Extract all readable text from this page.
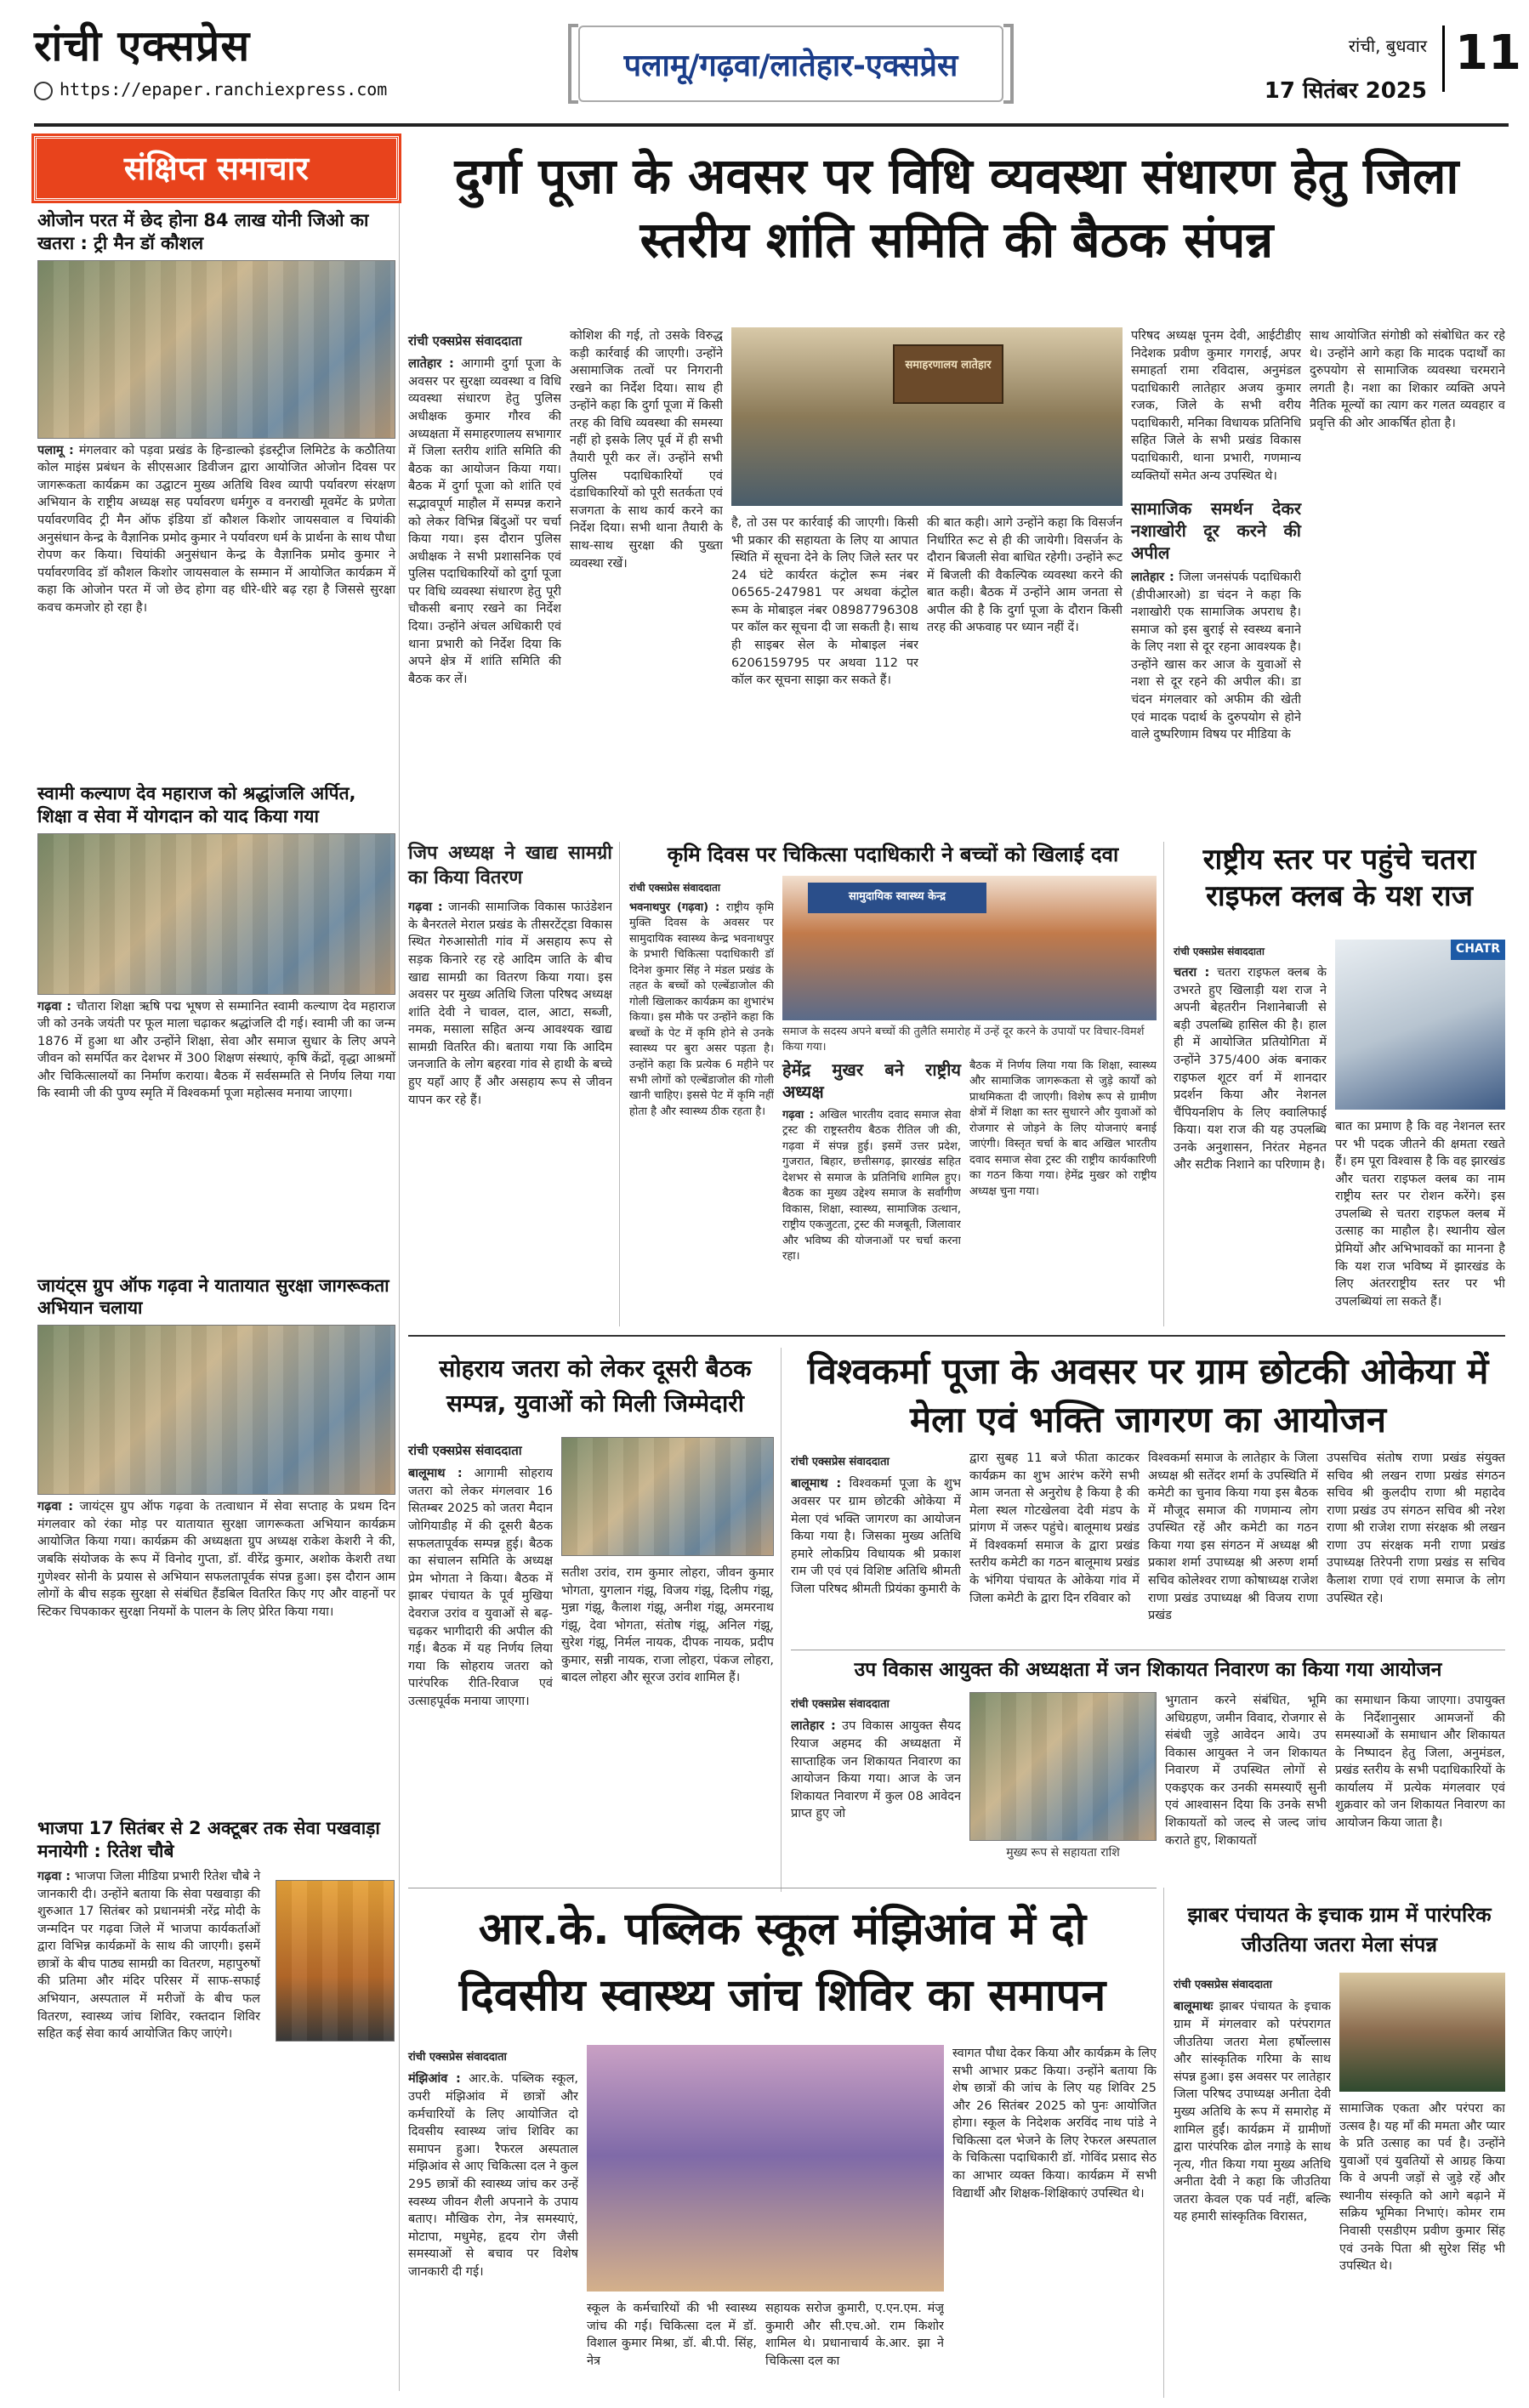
रांची एक्सप्रेस
https://epaper.ranchiexpress.com
पलामू/गढ़वा/लातेहार-एक्सप्रेस
रांची, बुधवार
17 सितंबर 2025
11
संक्षिप्त समाचार
ओजोन परत में छेद होना 84 लाख योनी जिओ का खतरा : ट्री मैन डॉ कौशल
पलामू : मंगलवार को पड़वा प्रखंड के हिन्डाल्को इंडस्ट्रीज लिमिटेड के कठौतिया कोल माइंस प्रबंधन के सीएसआर डिवीजन द्वारा आयोजित ओजोन दिवस पर जागरूकता कार्यक्रम का उद्घाटन मुख्य अतिथि विश्व व्यापी पर्यावरण संरक्षण अभियान के राष्ट्रीय अध्यक्ष सह पर्यावरण धर्मगुरु व वनराखी मूवमेंट के प्रणेता पर्यावरणविद ट्री मैन ऑफ इंडिया डॉ कौशल किशोर जायसवाल व चियांकी अनुसंधान केन्द्र के वैज्ञानिक प्रमोद कुमार ने पर्यावरण धर्म के प्रार्थना के साथ पौधा रोपण कर किया। चियांकी अनुसंधान केन्द्र के वैज्ञानिक प्रमोद कुमार ने पर्यावरणविद डॉ कौशल किशोर जायसवाल के सम्मान में आयोजित कार्यक्रम में कहा कि ओजोन परत में जो छेद होगा वह धीरे-धीरे बढ़ रहा है जिससे सुरक्षा कवच कमजोर हो रहा है।
स्वामी कल्याण देव महाराज को श्रद्धांजलि अर्पित, शिक्षा व सेवा में योगदान को याद किया गया
गढ़वा : चौतारा शिक्षा ऋषि पद्म भूषण से सम्मानित स्वामी कल्याण देव महाराज जी को उनके जयंती पर फूल माला चढ़ाकर श्रद्धांजलि दी गई। स्वामी जी का जन्म 1876 में हुआ था और उन्होंने शिक्षा, सेवा और समाज सुधार के लिए अपने जीवन को समर्पित कर देशभर में 300 शिक्षण संस्थाएं, कृषि केंद्रों, वृद्धा आश्रमों और चिकित्सालयों का निर्माण कराया। बैठक में सर्वसम्मति से निर्णय लिया गया कि स्वामी जी की पुण्य स्मृति में विश्वकर्मा पूजा महोत्सव मनाया जाएगा।
जायंट्स ग्रुप ऑफ गढ़वा ने यातायात सुरक्षा जागरूकता अभियान चलाया
गढ़वा : जायंट्स ग्रुप ऑफ गढ़वा के तत्वाधान में सेवा सप्ताह के प्रथम दिन मंगलवार को रंका मोड़ पर यातायात सुरक्षा जागरूकता अभियान कार्यक्रम आयोजित किया गया। कार्यक्रम की अध्यक्षता ग्रुप अध्यक्ष राकेश केशरी ने की, जबकि संयोजक के रूप में विनोद गुप्ता, डॉ. वीरेंद्र कुमार, अशोक केशरी तथा गुणेश्वर सोनी के प्रयास से अभियान सफलतापूर्वक संपन्न हुआ। इस दौरान आम लोगों के बीच सड़क सुरक्षा से संबंधित हैंडबिल वितरित किए गए और वाहनों पर स्टिकर चिपकाकर सुरक्षा नियमों के पालन के लिए प्रेरित किया गया।
भाजपा 17 सितंबर से 2 अक्टूबर तक सेवा पखवाड़ा मनायेगी : रितेश चौबे
गढ़वा : भाजपा जिला मीडिया प्रभारी रितेश चौबे ने जानकारी दी। उन्होंने बताया कि सेवा पखवाड़ा की शुरुआत 17 सितंबर को प्रधानमंत्री नरेंद्र मोदी के जन्मदिन पर गढ़वा जिले में भाजपा कार्यकर्ताओं द्वारा विभिन्न कार्यक्रमों के साथ की जाएगी। इसमें छात्रों के बीच पाठ्य सामग्री का वितरण, महापुरुषों की प्रतिमा और मंदिर परिसर में साफ-सफाई अभियान, अस्पताल में मरीजों के बीच फल वितरण, स्वास्थ्य जांच शिविर, रक्तदान शिविर सहित कई सेवा कार्य आयोजित किए जाएंगे।
दुर्गा पूजा के अवसर पर विधि व्यवस्था संधारण हेतु जिला स्तरीय शांति समिति की बैठक संपन्न
रांची एक्सप्रेस संवाददाता
लातेहार : आगामी दुर्गा पूजा के अवसर पर सुरक्षा व्यवस्था व विधि व्यवस्था संधारण हेतु पुलिस अधीक्षक कुमार गौरव की अध्यक्षता में समाहरणालय सभागार में जिला स्तरीय शांति समिति की बैठक का आयोजन किया गया। बैठक में दुर्गा पूजा को शांति एवं सद्भावपूर्ण माहौल में सम्पन्न कराने को लेकर विभिन्न बिंदुओं पर चर्चा किया गया। इस दौरान पुलिस अधीक्षक ने सभी प्रशासनिक एवं पुलिस पदाधिकारियों को दुर्गा पूजा पर विधि व्यवस्था संधारण हेतु पूरी चौकसी बनाए रखने का निर्देश दिया। उन्होंने अंचल अधिकारी एवं थाना प्रभारी को निर्देश दिया कि अपने क्षेत्र में शांति समिति की बैठक कर लें।
कोशिश की गई, तो उसके विरुद्ध कड़ी कार्रवाई की जाएगी। उन्होंने असामाजिक तत्वों पर निगरानी रखने का निर्देश दिया। साथ ही उन्होंने कहा कि दुर्गा पूजा में किसी तरह की विधि व्यवस्था की समस्या नहीं हो इसके लिए पूर्व में ही सभी तैयारी पूरी कर लें। उन्होंने सभी पुलिस पदाधिकारियों एवं दंडाधिकारियों को पूरी सतर्कता एवं सजगता के साथ कार्य करने का निर्देश दिया। सभी थाना तैयारी के साथ-साथ सुरक्षा की पुख्ता व्यवस्था रखें।
समाहरणालय लातेहार
है, तो उस पर कार्रवाई की जाएगी। किसी भी प्रकार की सहायता के लिए या आपात स्थिति में सूचना देने के लिए जिले स्तर पर 24 घंटे कार्यरत कंट्रोल रूम नंबर 06565-247981 पर अथवा कंट्रोल रूम के मोबाइल नंबर 08987796308 पर कॉल कर सूचना दी जा सकती है। साथ ही साइबर सेल के मोबाइल नंबर 6206159795 पर अथवा 112 पर कॉल कर सूचना साझा कर सकते हैं।
की बात कही। आगे उन्होंने कहा कि विसर्जन निर्धारित रूट से ही की जायेगी। विसर्जन के दौरान बिजली सेवा बाधित रहेगी। उन्होंने रूट में बिजली की वैकल्पिक व्यवस्था करने की बात कही। बैठक में उन्होंने आम जनता से अपील की है कि दुर्गा पूजा के दौरान किसी तरह की अफवाह पर ध्यान नहीं दें।
परिषद अध्यक्ष पूनम देवी, आईटीडीए निदेशक प्रवीण कुमार गगराई, अपर समाहर्ता रामा रविदास, अनुमंडल पदाधिकारी लातेहार अजय कुमार रजक, जिले के सभी वरीय पदाधिकारी, मनिका विधायक प्रतिनिधि सहित जिले के सभी प्रखंड विकास पदाधिकारी, थाना प्रभारी, गणमान्य व्यक्तियों समेत अन्य उपस्थित थे।
सामाजिक समर्थन देकर नशाखोरी दूर करने की अपील
लातेहार : जिला जनसंपर्क पदाधिकारी (डीपीआरओ) डा चंदन ने कहा कि नशाखोरी एक सामाजिक अपराध है। समाज को इस बुराई से स्वस्थ्य बनाने के लिए नशा से दूर रहना आवश्यक है। उन्होंने खास कर आज के युवाओं से नशा से दूर रहने की अपील की। डा चंदन मंगलवार को अफीम की खेती एवं मादक पदार्थ के दुरुपयोग से होने वाले दुष्परिणाम विषय पर मीडिया के
साथ आयोजित संगोष्ठी को संबोधित कर रहे थे। उन्होंने आगे कहा कि मादक पदार्थों का दुरुपयोग से सामाजिक व्यवस्था चरमराने लगती है। नशा का शिकार व्यक्ति अपने नैतिक मूल्यों का त्याग कर गलत व्यवहार व प्रवृत्ति की ओर आकर्षित होता है।
जिप अध्यक्ष ने खाद्य सामग्री का किया वितरण
गढ़वा : जानकी सामाजिक विकास फाउंडेशन के बैनरतले मेराल प्रखंड के तीसरटेंट्डा विकास स्थित गेरुआसोती गांव में असहाय रूप से सड़क किनारे रह रहे आदिम जाति के बीच खाद्य सामग्री का वितरण किया गया। इस अवसर पर मुख्य अतिथि जिला परिषद अध्यक्ष शांति देवी ने चावल, दाल, आटा, सब्जी, नमक, मसाला सहित अन्य आवश्यक खाद्य सामग्री वितरित की। बताया गया कि आदिम जनजाति के लोग बहरवा गांव से हाथी के बच्चे हुए यहाँ आए हैं और असहाय रूप से जीवन यापन कर रहे हैं।
कृमि दिवस पर चिकित्सा पदाधिकारी ने बच्चों को खिलाई दवा
रांची एक्सप्रेस संवाददाता
भवनाथपुर (गढ़वा) : राष्ट्रीय कृमि मुक्ति दिवस के अवसर पर सामुदायिक स्वास्थ्य केन्द्र भवनाथपुर के प्रभारी चिकित्सा पदाधिकारी डॉ दिनेश कुमार सिंह ने मंडल प्रखंड के तहत के बच्चों को एल्बेंडाजोल की गोली खिलाकर कार्यक्रम का शुभारंभ किया। इस मौके पर उन्होंने कहा कि बच्चों के पेट में कृमि होने से उनके स्वास्थ्य पर बुरा असर पड़ता है। उन्होंने कहा कि प्रत्येक 6 महीने पर सभी लोगों को एल्बेंडाजोल की गोली खानी चाहिए। इससे पेट में कृमि नहीं होता है और स्वास्थ्य ठीक रहता है।
सामुदायिक स्वास्थ्य केन्द्र
समाज के सदस्य अपने बच्चों की तुलैति समारोह में उन्हें दूर करने के उपायों पर विचार-विमर्श किया गया।
हेमेंद्र मुखर बने राष्ट्रीय अध्यक्ष
गढ़वा : अखिल भारतीय दवाद समाज सेवा ट्रस्ट की राष्ट्रस्तरीय बैठक रीतिल जी की, गढ़वा में संपन्न हुई। इसमें उत्तर प्रदेश, गुजरात, बिहार, छत्तीसगढ़, झारखंड सहित देशभर से समाज के प्रतिनिधि शामिल हुए। बैठक का मुख्य उद्देश्य समाज के सर्वांगीण विकास, शिक्षा, स्वास्थ्य, सामाजिक उत्थान, राष्ट्रीय एकजुटता, ट्रस्ट की मजबूती, जिलावार और भविष्य की योजनाओं पर चर्चा करना रहा।
बैठक में निर्णय लिया गया कि शिक्षा, स्वास्थ्य और सामाजिक जागरूकता से जुड़े कार्यों को प्राथमिकता दी जाएगी। विशेष रूप से ग्रामीण क्षेत्रों में शिक्षा का स्तर सुधारने और युवाओं को रोजगार से जोड़ने के लिए योजनाएं बनाई जाएंगी। विस्तृत चर्चा के बाद अखिल भारतीय दवाद समाज सेवा ट्रस्ट की राष्ट्रीय कार्यकारिणी का गठन किया गया। हेमेंद्र मुखर को राष्ट्रीय अध्यक्ष चुना गया।
राष्ट्रीय स्तर पर पहुंचे चतरा राइफल क्लब के यश राज
रांची एक्सप्रेस संवाददाता
चतरा : चतरा राइफल क्लब के उभरते हुए खिलाड़ी यश राज ने अपनी बेहतरीन निशानेबाजी से बड़ी उपलब्धि हासिल की है। हाल ही में आयोजित प्रतियोगिता में उन्होंने 375/400 अंक बनाकर राइफल शूटर वर्ग में शानदार प्रदर्शन किया और नेशनल चैंपियनशिप के लिए क्वालिफाई किया। यश राज की यह उपलब्धि उनके अनुशासन, निरंतर मेहनत और सटीक निशाने का परिणाम है।
CHATR
बात का प्रमाण है कि वह नेशनल स्तर पर भी पदक जीतने की क्षमता रखते हैं। हम पूरा विश्वास है कि वह झारखंड और चतरा राइफल क्लब का नाम राष्ट्रीय स्तर पर रोशन करेंगे। इस उपलब्धि से चतरा राइफल क्लब में उत्साह का माहौल है। स्थानीय खेल प्रेमियों और अभिभावकों का मानना है कि यश राज भविष्य में झारखंड के लिए अंतरराष्ट्रीय स्तर पर भी उपलब्धियां ला सकते हैं।
सोहराय जतरा को लेकर दूसरी बैठक सम्पन्न, युवाओं को मिली जिम्मेदारी
रांची एक्सप्रेस संवाददाता
बालूमाथ : आगामी सोहराय जतरा को लेकर मंगलवार 16 सितम्बर 2025 को जतरा मैदान जोगियाडीह में की दूसरी बैठक सफलतापूर्वक सम्पन्न हुई। बैठक का संचालन समिति के अध्यक्ष प्रेम भोगता ने किया। बैठक में झाबर पंचायत के पूर्व मुखिया देवराज उरांव व युवाओं से बढ़-चढ़कर भागीदारी की अपील की गई। बैठक में यह निर्णय लिया गया कि सोहराय जतरा को पारंपरिक रीति-रिवाज एवं उत्साहपूर्वक मनाया जाएगा।
सतीश उरांव, राम कुमार लोहरा, जीवन कुमार भोगता, युगलान गंझू, विजय गंझू, दिलीप गंझू, मुन्ना गंझू, कैलाश गंझू, अनीश गंझू, अमरनाथ गंझू, देवा भोगता, संतोष गंझू, अनिल गंझू, सुरेश गंझू, निर्मल नायक, दीपक नायक, प्रदीप कुमार, सन्नी नायक, राजा लोहरा, पंकज लोहरा, बादल लोहरा और सूरज उरांव शामिल हैं।
विश्वकर्मा पूजा के अवसर पर ग्राम छोटकी ओकेया में मेला एवं भक्ति जागरण का आयोजन
रांची एक्सप्रेस संवाददाता
बालूमाथ : विश्वकर्मा पूजा के शुभ अवसर पर ग्राम छोटकी ओकेया में मेला एवं भक्ति जागरण का आयोजन किया गया है। जिसका मुख्य अतिथि हमारे लोकप्रिय विधायक श्री प्रकाश राम जी एवं एवं विशिष्ट अतिथि श्रीमती जिला परिषद श्रीमती प्रियंका कुमारी के
द्वारा सुबह 11 बजे फीता काटकर कार्यक्रम का शुभ आरंभ करेंगे सभी आम जनता से अनुरोध है किया है की मेला स्थल गोटखेलवा देवी मंडप के प्रांगण में जरूर पहुंचे। बालूमाथ प्रखंड में विश्वकर्मा समाज के द्वारा प्रखंड स्तरीय कमेटी का गठन बालूमाथ प्रखंड के भंगिया पंचायत के ओकेया गांव में जिला कमेटी के द्वारा दिन रविवार को
विश्वकर्मा समाज के लातेहार के जिला अध्यक्ष श्री सतेंदर शर्मा के उपस्थिति में कमेटी का चुनाव किया गया इस बैठक में मौजूद समाज की गणमान्य लोग उपस्थित रहें और कमेटी का गठन किया गया इस संगठन में अध्यक्ष श्री प्रकाश शर्मा उपाध्यक्ष श्री अरुण शर्मा सचिव कोलेश्वर राणा कोषाध्यक्ष राजेश राणा प्रखंड उपाध्यक्ष श्री विजय राणा प्रखंड
उपसचिव संतोष राणा प्रखंड संयुक्त सचिव श्री लखन राणा प्रखंड संगठन सचिव श्री कुलदीप राणा श्री महादेव राणा प्रखंड उप संगठन सचिव श्री नरेश राणा श्री राजेश राणा संरक्षक श्री लखन राणा उप संरक्षक मनी राणा प्रखंड उपाध्यक्ष तिरेपनी राणा प्रखंड स सचिव कैलाश राणा एवं राणा समाज के लोग उपस्थित रहे।
उप विकास आयुक्त की अध्यक्षता में जन शिकायत निवारण का किया गया आयोजन
रांची एक्सप्रेस संवाददाता
लातेहार : उप विकास आयुक्त सैयद रियाज अहमद की अध्यक्षता में साप्ताहिक जन शिकायत निवारण का आयोजन किया गया। आज के जन शिकायत निवारण में कुल 08 आवेदन प्राप्त हुए जो
मुख्य रूप से सहायता राशि
भुगतान करने संबंधित, भूमि अधिग्रहण, जमीन विवाद, रोजगार से संबंधी जुड़े आवेदन आये। उप विकास आयुक्त ने जन शिकायत निवारण में उपस्थित लोगों से एकइएक कर उनकी समस्याएँ सुनी एवं आश्वासन दिया कि उनके सभी शिकायतों को जल्द से जल्द जांच कराते हुए, शिकायतों
का समाधान किया जाएगा। उपायुक्त के निर्देशानुसार आमजनों की समस्याओं के समाधान और शिकायत के निष्पादन हेतु जिला, अनुमंडल, प्रखंड स्तरीय के सभी पदाधिकारियों के कार्यालय में प्रत्येक मंगलवार एवं शुक्रवार को जन शिकायत निवारण का आयोजन किया जाता है।
आर.के. पब्लिक स्कूल मंझिआंव में दो दिवसीय स्वास्थ्य जांच शिविर का समापन
रांची एक्सप्रेस संवाददाता
मंझिआंव : आर.के. पब्लिक स्कूल, उपरी मंझिआंव में छात्रों और कर्मचारियों के लिए आयोजित दो दिवसीय स्वास्थ्य जांच शिविर का समापन हुआ। रैफरल अस्पताल मंझिआंव से आए चिकित्सा दल ने कुल 295 छात्रों की स्वास्थ्य जांच कर उन्हें स्वस्थ्य जीवन शैली अपनाने के उपाय बताए। मौखिक रोग, नेत्र समस्याएं, मोटापा, मधुमेह, हृदय रोग जैसी समस्याओं से बचाव पर विशेष जानकारी दी गई।
स्कूल के कर्मचारियों की भी स्वास्थ्य जांच की गई। चिकित्सा दल में डॉ. विशाल कुमार मिश्रा, डॉ. बी.पी. सिंह, नेत्र
सहायक सरोज कुमारी, ए.एन.एम. मंजू कुमारी और सी.एच.ओ. राम किशोर शामिल थे। प्रधानाचार्य के.आर. झा ने चिकित्सा दल का
स्वागत पौधा देकर किया और कार्यक्रम के लिए सभी आभार प्रकट किया। उन्होंने बताया कि शेष छात्रों की जांच के लिए यह शिविर 25 और 26 सितंबर 2025 को पुनः आयोजित होगा। स्कूल के निदेशक अरविंद नाथ पांडे ने चिकित्सा दल भेजने के लिए रेफरल अस्पताल के चिकित्सा पदाधिकारी डॉ. गोविंद प्रसाद सेठ का आभार व्यक्त किया। कार्यक्रम में सभी विद्यार्थी और शिक्षक-शिक्षिकाएं उपस्थित थे।
झाबर पंचायत के इचाक ग्राम में पारंपरिक जीउतिया जतरा मेला संपन्न
रांची एक्सप्रेस संवाददाता
बालूमाथः झाबर पंचायत के इचाक ग्राम में मंगलवार को परंपरागत जीउतिया जतरा मेला हर्षोल्लास और सांस्कृतिक गरिमा के साथ संपन्न हुआ। इस अवसर पर लातेहार जिला परिषद उपाध्यक्ष अनीता देवी मुख्य अतिथि के रूप में समारोह में शामिल हुईं। कार्यक्रम में ग्रामीणों द्वारा पारंपरिक ढोल नगाड़े के साथ नृत्य, गीत किया गया मुख्य अतिथि अनीता देवी ने कहा कि जीउतिया जतरा केवल एक पर्व नहीं, बल्कि यह हमारी सांस्कृतिक विरासत,
सामाजिक एकता और परंपरा का उत्सव है। यह माँ की ममता और प्यार के प्रति उत्साह का पर्व है। उन्होंने युवाओं एवं युवतियों से आग्रह किया कि वे अपनी जड़ों से जुड़े रहें और स्थानीय संस्कृति को आगे बढ़ाने में सक्रिय भूमिका निभाएं। कोमर राम निवासी एसडीएम प्रवीण कुमार सिंह एवं उनके पिता श्री सुरेश सिंह भी उपस्थित थे।
